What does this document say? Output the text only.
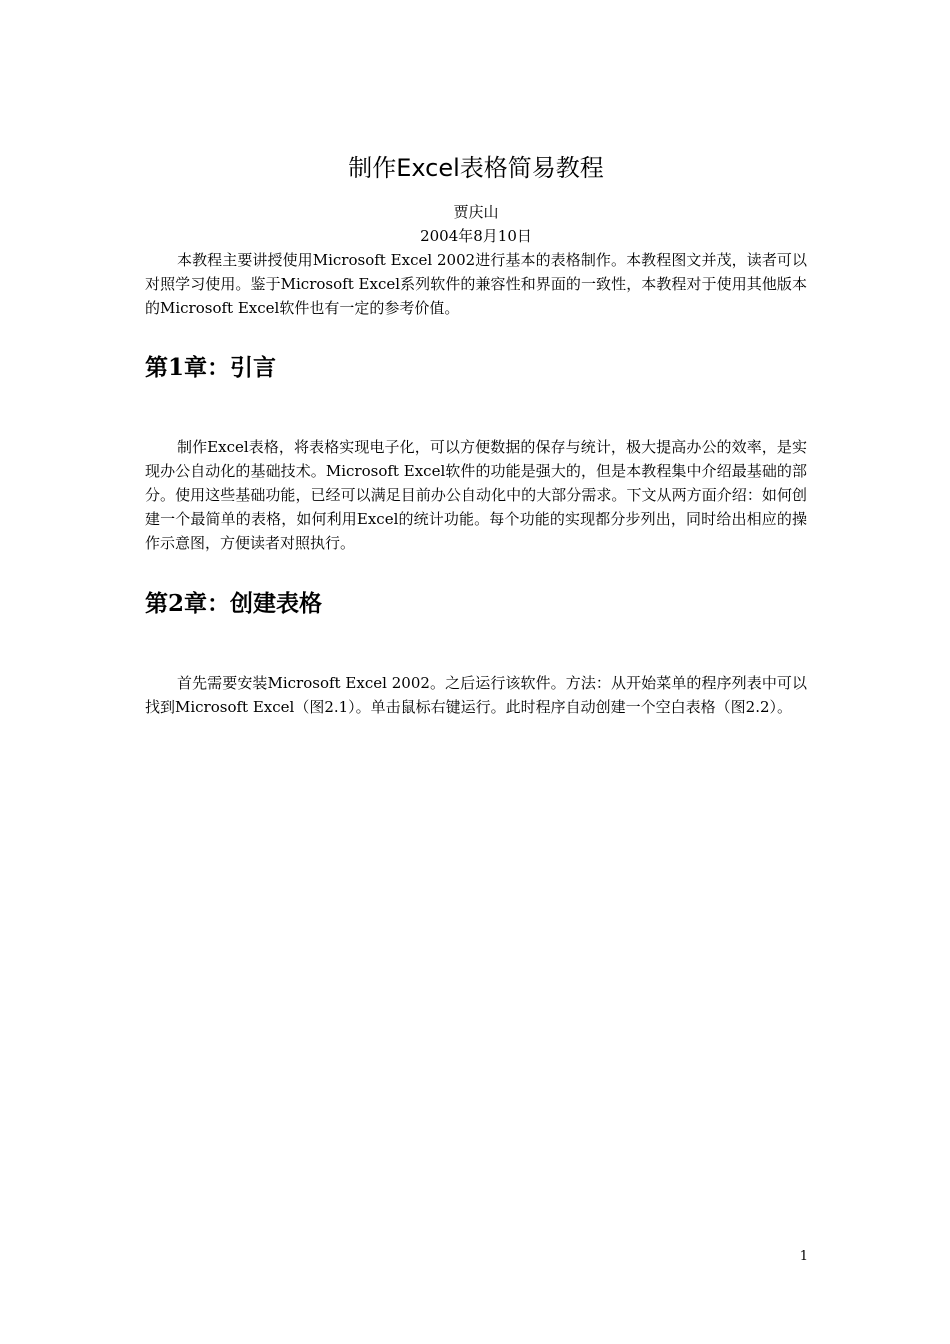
制作Excel表格简易教程
贾庆山
2004年8月10日

本教程主要讲授使用Microsoft Excel 2002进行基本的表格制作。本教程图文并茂，读者可以对照学习使用。鉴于Microsoft Excel系列软件的兼容性和界面的一致性，本教程对于使用其他版本的Microsoft Excel软件也有一定的参考价值。

第1章：引言

制作Excel表格，将表格实现电子化，可以方便数据的保存与统计，极大提高办公的效率，是实现办公自动化的基础技术。Microsoft Excel软件的功能是强大的，但是本教程集中介绍最基础的部分。使用这些基础功能，已经可以满足目前办公自动化中的大部分需求。下文从两方面介绍：如何创建一个最简单的表格，如何利用Excel的统计功能。每个功能的实现都分步列出，同时给出相应的操作示意图，方便读者对照执行。

第2章：创建表格

首先需要安装Microsoft Excel 2002。之后运行该软件。方法：从开始菜单的程序列表中可以找到Microsoft Excel（图2.1）。单击鼠标右键运行。此时程序自动创建一个空白表格（图2.2）。

1
